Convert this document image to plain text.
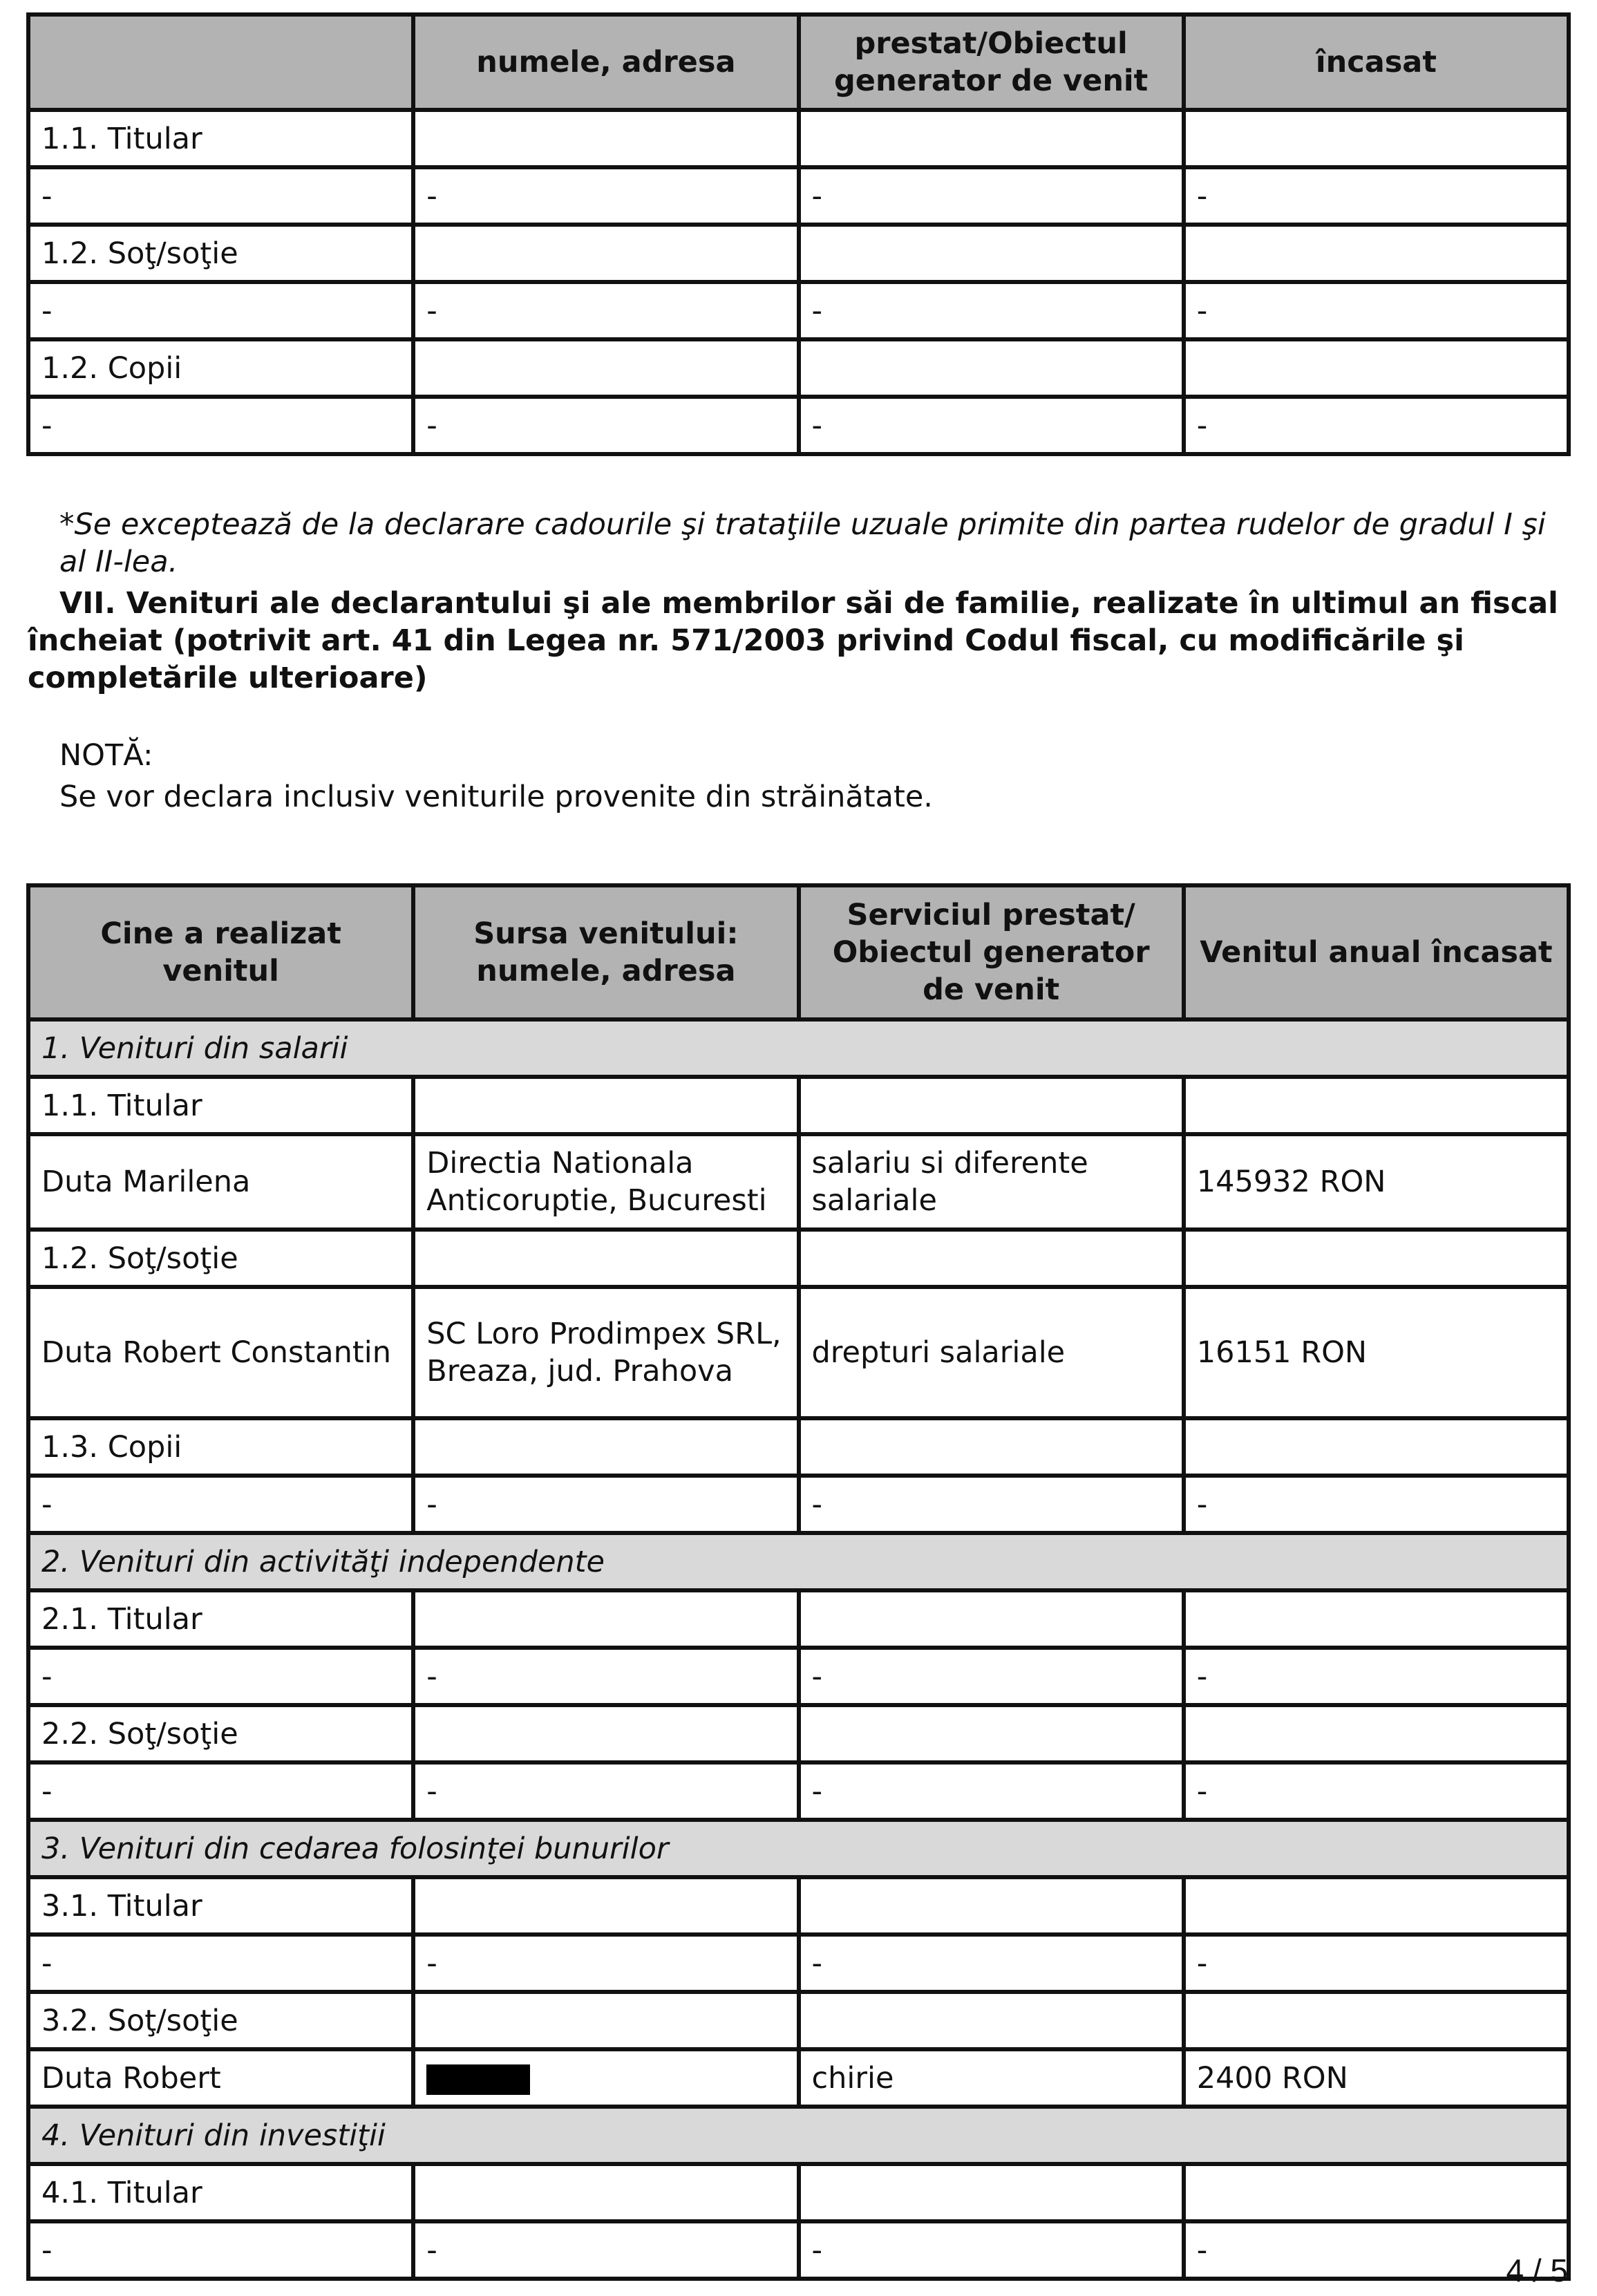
	numele, adresa	prestat/Obiectul generator de venit	încasat
1.1. Titular			
-	-	-	-
1.2. Soţ/soţie			
-	-	-	-
1.2. Copii			
-	-	-	-
*Se exceptează de la declarare cadourile şi trataţiile uzuale primite din partea rudelor de gradul I şi al II-lea.
VII. Venituri ale declarantului şi ale membrilor săi de familie, realizate în ultimul an fiscal încheiat (potrivit art. 41 din Legea nr. 571/2003 privind Codul fiscal, cu modificările şi completările ulterioare)
NOTĂ:
Se vor declara inclusiv veniturile provenite din străinătate.
Cine a realizat venitul	Sursa venitului: numele, adresa	Serviciul prestat/ Obiectul generator de venit	Venitul anual încasat
1. Venituri din salarii			
1.1. Titular			
Duta Marilena	Directia Nationala Anticoruptie, Bucuresti	salariu si diferente salariale	145932 RON
1.2. Soţ/soţie			
Duta Robert Constantin	SC Loro Prodimpex SRL, Breaza, jud. Prahova	drepturi salariale	16151 RON
1.3. Copii			
-	-	-	-
2. Venituri din activităţi independente			
2.1. Titular			
-	-	-	-
2.2. Soţ/soţie			
-	-	-	-
3. Venituri din cedarea folosinţei bunurilor			
3.1. Titular			
-	-	-	-
3.2. Soţ/soţie			
Duta Robert		chirie	2400 RON
4. Venituri din investiţii			
4.1. Titular			
-	-	-	-
4 / 5
